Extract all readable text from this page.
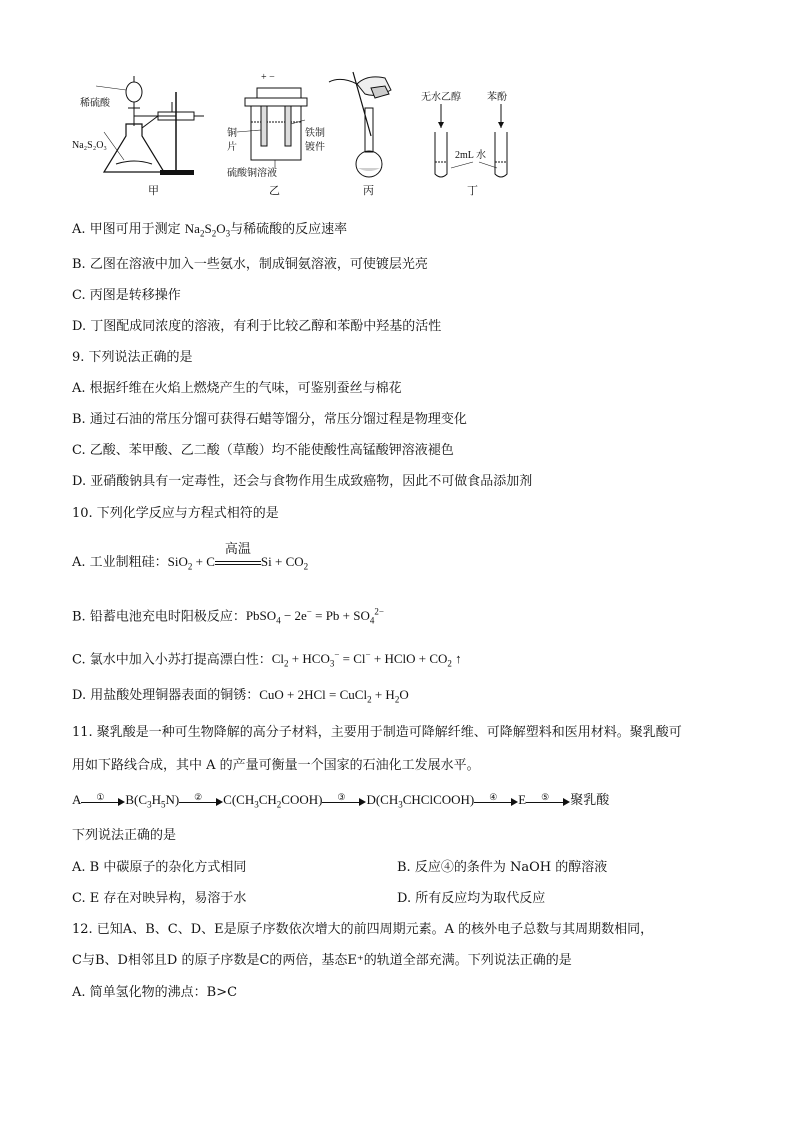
稀硫酸
Na₂S₂O₃
甲
+ −
铜
片
铁制
镀件
硫酸铜溶液
乙	丙
无水乙醇	苯酚
2mL 水
丁
A. 甲图可用于测定 $Na_2S_2O_3$与稀硫酸的反应速率
B. 乙图在溶液中加入一些氨水，制成铜氨溶液，可使镀层光亮
C. 丙图是转移操作
D. 丁图配成同浓度的溶液，有利于比较乙醇和苯酚中羟基的活性
9. 下列说法正确的是
A. 根据纤维在火焰上燃烧产生的气味，可鉴别蚕丝与棉花
B. 通过石油的常压分馏可获得石蜡等馏分，常压分馏过程是物理变化
C. 乙酸、苯甲酸、乙二酸（草酸）均不能使酸性高锰酸钾溶液褪色
D. 亚硝酸钠具有一定毒性，还会与食物作用生成致癌物，因此不可做食品添加剂
10. 下列化学反应与方程式相符的是
A. 工业制粗硅：SiO$_2$ + C
高温
$Si + CO_2$
B. 铅蓄电池充电时阳极反应：PbSO$_4$ − $2e^- = Pb + SO_4^{2-}$
C. 氯水中加入小苏打提高漂白性：$Cl_2 + HCO_3^- = Cl^-$ + HClO + $CO_2$ ↑
D. 用盐酸处理铜器表面的铜锈：CuO + 2HCl = CuCl$_2$ + $H_2O$
11. 聚乳酸是一种可生物降解的高分子材料，主要用于制造可降解纤维、可降解塑料和医用材料。聚乳酸可
用如下路线合成，其中 A 的产量可衡量一个国家的石油化工发展水平。
A	①	$B(C_3H_5N)$	②	$C(CH_3CH_2COOH)$	③	$D(CH_3CHClCOOH)$	④	E	⑤	聚乳酸
下列说法正确的是
A. B 中碳原子的杂化方式相同	B. 反应④的条件为 NaOH 的醇溶液
C. E 存在对映异构，易溶于水	D. 所有反应均为取代反应
12. 已知A、B、C、D、E是原子序数依次增大的前四周期元素。A 的核外电子总数与其周期数相同，
C与B、D相邻且D 的原子序数是C的两倍，基态E⁺的轨道全部充满。下列说法正确的是
A. 简单氢化物的沸点：B>C
